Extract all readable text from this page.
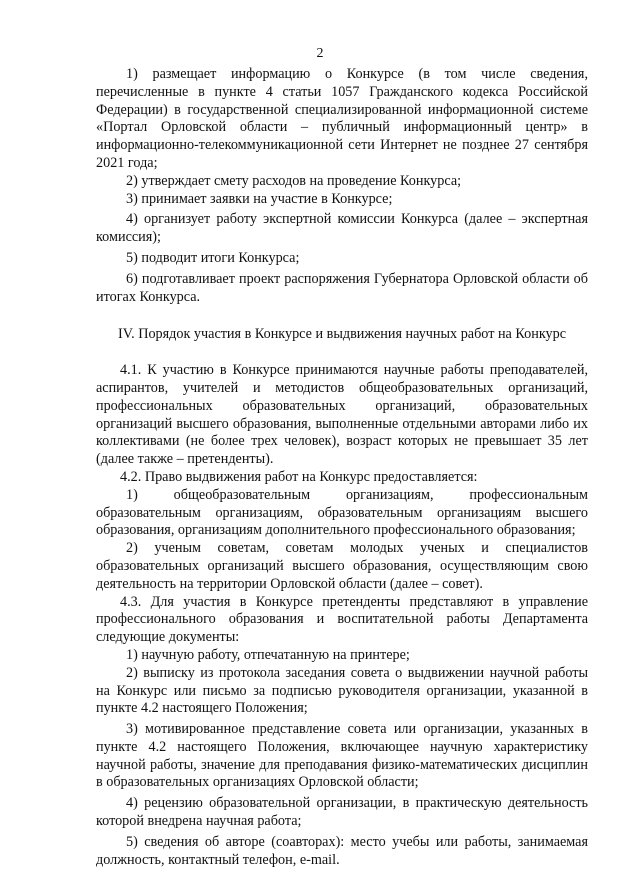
2

1) размещает информацию о Конкурсе (в том числе сведения, перечисленные в пункте 4 статьи 1057 Гражданского кодекса Российской Федерации) в государственной специализированной информационной системе «Портал Орловской области – публичный информационный центр» в информационно-телекоммуникационной сети Интернет не позднее 27 сентября 2021 года;

2) утверждает смету расходов на проведение Конкурса;

3) принимает заявки на участие в Конкурсе;

4) организует работу экспертной комиссии Конкурса (далее – экспертная комиссия);

5) подводит итоги Конкурса;

6) подготавливает проект распоряжения Губернатора Орловской области об итогах Конкурса.

IV. Порядок участия в Конкурсе и выдвижения научных работ на Конкурс

4.1. К участию в Конкурсе принимаются научные работы преподавателей, аспирантов, учителей и методистов общеобразовательных организаций, профессиональных образовательных организаций, образовательных организаций высшего образования, выполненные отдельными авторами либо их коллективами (не более трех человек), возраст которых не превышает 35 лет (далее также – претенденты).

4.2. Право выдвижения работ на Конкурс предоставляется:

1) общеобразовательным организациям, профессиональным образовательным организациям, образовательным организациям высшего образования, организациям дополнительного профессионального образования;

2) ученым советам, советам молодых ученых и специалистов образовательных организаций высшего образования, осуществляющим свою деятельность на территории Орловской области (далее – совет).

4.3. Для участия в Конкурсе претенденты представляют в управление профессионального образования и воспитательной работы Департамента следующие документы:

1) научную работу, отпечатанную на принтере;

2) выписку из протокола заседания совета о выдвижении научной работы на Конкурс или письмо за подписью руководителя организации, указанной в пункте 4.2 настоящего Положения;

3) мотивированное представление совета или организации, указанных в пункте 4.2 настоящего Положения, включающее научную характеристику научной работы, значение для преподавания физико-математических дисциплин в образовательных организациях Орловской области;

4) рецензию образовательной организации, в практическую деятельность которой внедрена научная работа;

5) сведения об авторе (соавторах): место учебы или работы, занимаемая должность, контактный телефон, e-mail.
